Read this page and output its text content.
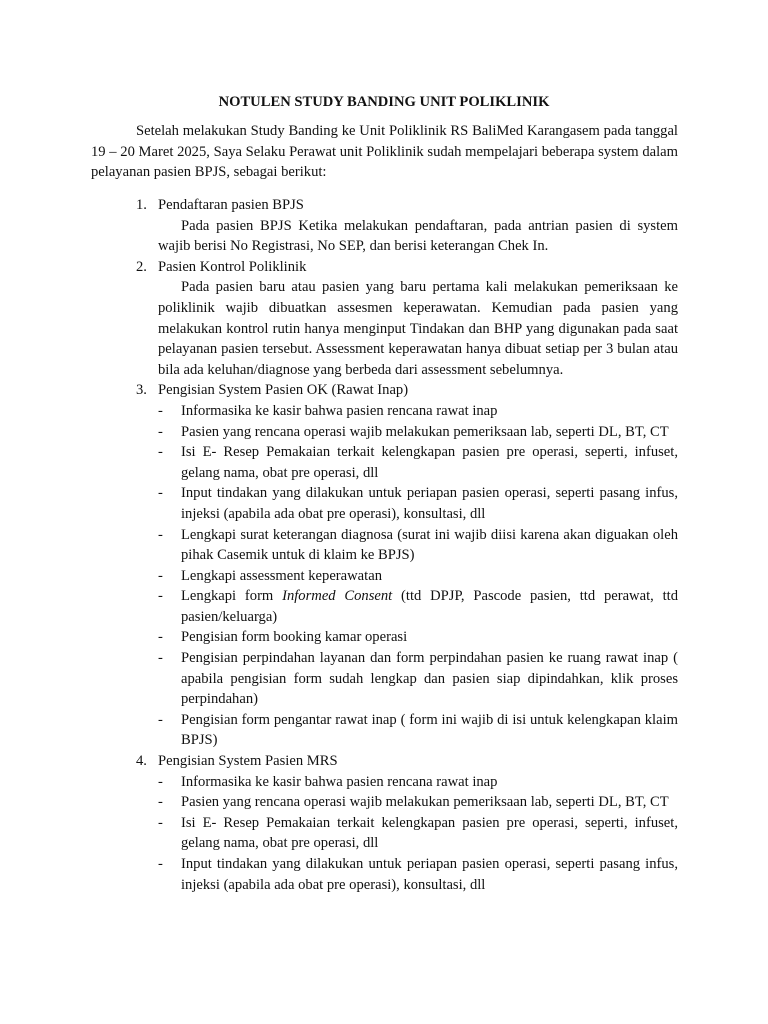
NOTULEN STUDY BANDING UNIT POLIKLINIK
Setelah melakukan Study Banding ke Unit Poliklinik RS BaliMed Karangasem pada tanggal 19 – 20 Maret 2025, Saya Selaku Perawat unit Poliklinik sudah mempelajari beberapa system dalam pelayanan pasien BPJS, sebagai berikut:
1. Pendaftaran pasien BPJS
Pada pasien BPJS Ketika melakukan pendaftaran, pada antrian pasien di system wajib berisi No Registrasi, No SEP, dan berisi keterangan Chek In.
2. Pasien Kontrol Poliklinik
Pada pasien baru atau pasien yang baru pertama kali melakukan pemeriksaan ke poliklinik wajib dibuatkan assesmen keperawatan. Kemudian pada pasien yang melakukan kontrol rutin hanya menginput Tindakan dan BHP yang digunakan pada saat pelayanan pasien tersebut. Assessment keperawatan hanya dibuat setiap per 3 bulan atau bila ada keluhan/diagnose yang berbeda dari assessment sebelumnya.
3. Pengisian System Pasien OK (Rawat Inap)
- Informasika ke kasir bahwa pasien rencana rawat inap
- Pasien yang rencana operasi wajib melakukan pemeriksaan lab, seperti DL, BT, CT
- Isi E- Resep Pemakaian terkait kelengkapan pasien pre operasi, seperti, infuset, gelang nama, obat pre operasi, dll
- Input tindakan yang dilakukan untuk periapan pasien operasi, seperti pasang infus, injeksi (apabila ada obat pre operasi), konsultasi, dll
- Lengkapi surat keterangan diagnosa (surat ini wajib diisi karena akan diguakan oleh pihak Casemik untuk di klaim ke BPJS)
- Lengkapi assessment keperawatan
- Lengkapi form Informed Consent (ttd DPJP, Pascode pasien, ttd perawat, ttd pasien/keluarga)
- Pengisian form booking kamar operasi
- Pengisian perpindahan layanan dan form perpindahan pasien ke ruang rawat inap ( apabila pengisian form sudah lengkap dan pasien siap dipindahkan, klik proses perpindahan)
- Pengisian form pengantar rawat inap ( form ini wajib di isi untuk kelengkapan klaim BPJS)
4. Pengisian System Pasien MRS
- Informasika ke kasir bahwa pasien rencana rawat inap
- Pasien yang rencana operasi wajib melakukan pemeriksaan lab, seperti DL, BT, CT
- Isi E- Resep Pemakaian terkait kelengkapan pasien pre operasi, seperti, infuset, gelang nama, obat pre operasi, dll
- Input tindakan yang dilakukan untuk periapan pasien operasi, seperti pasang infus, injeksi (apabila ada obat pre operasi), konsultasi, dll
